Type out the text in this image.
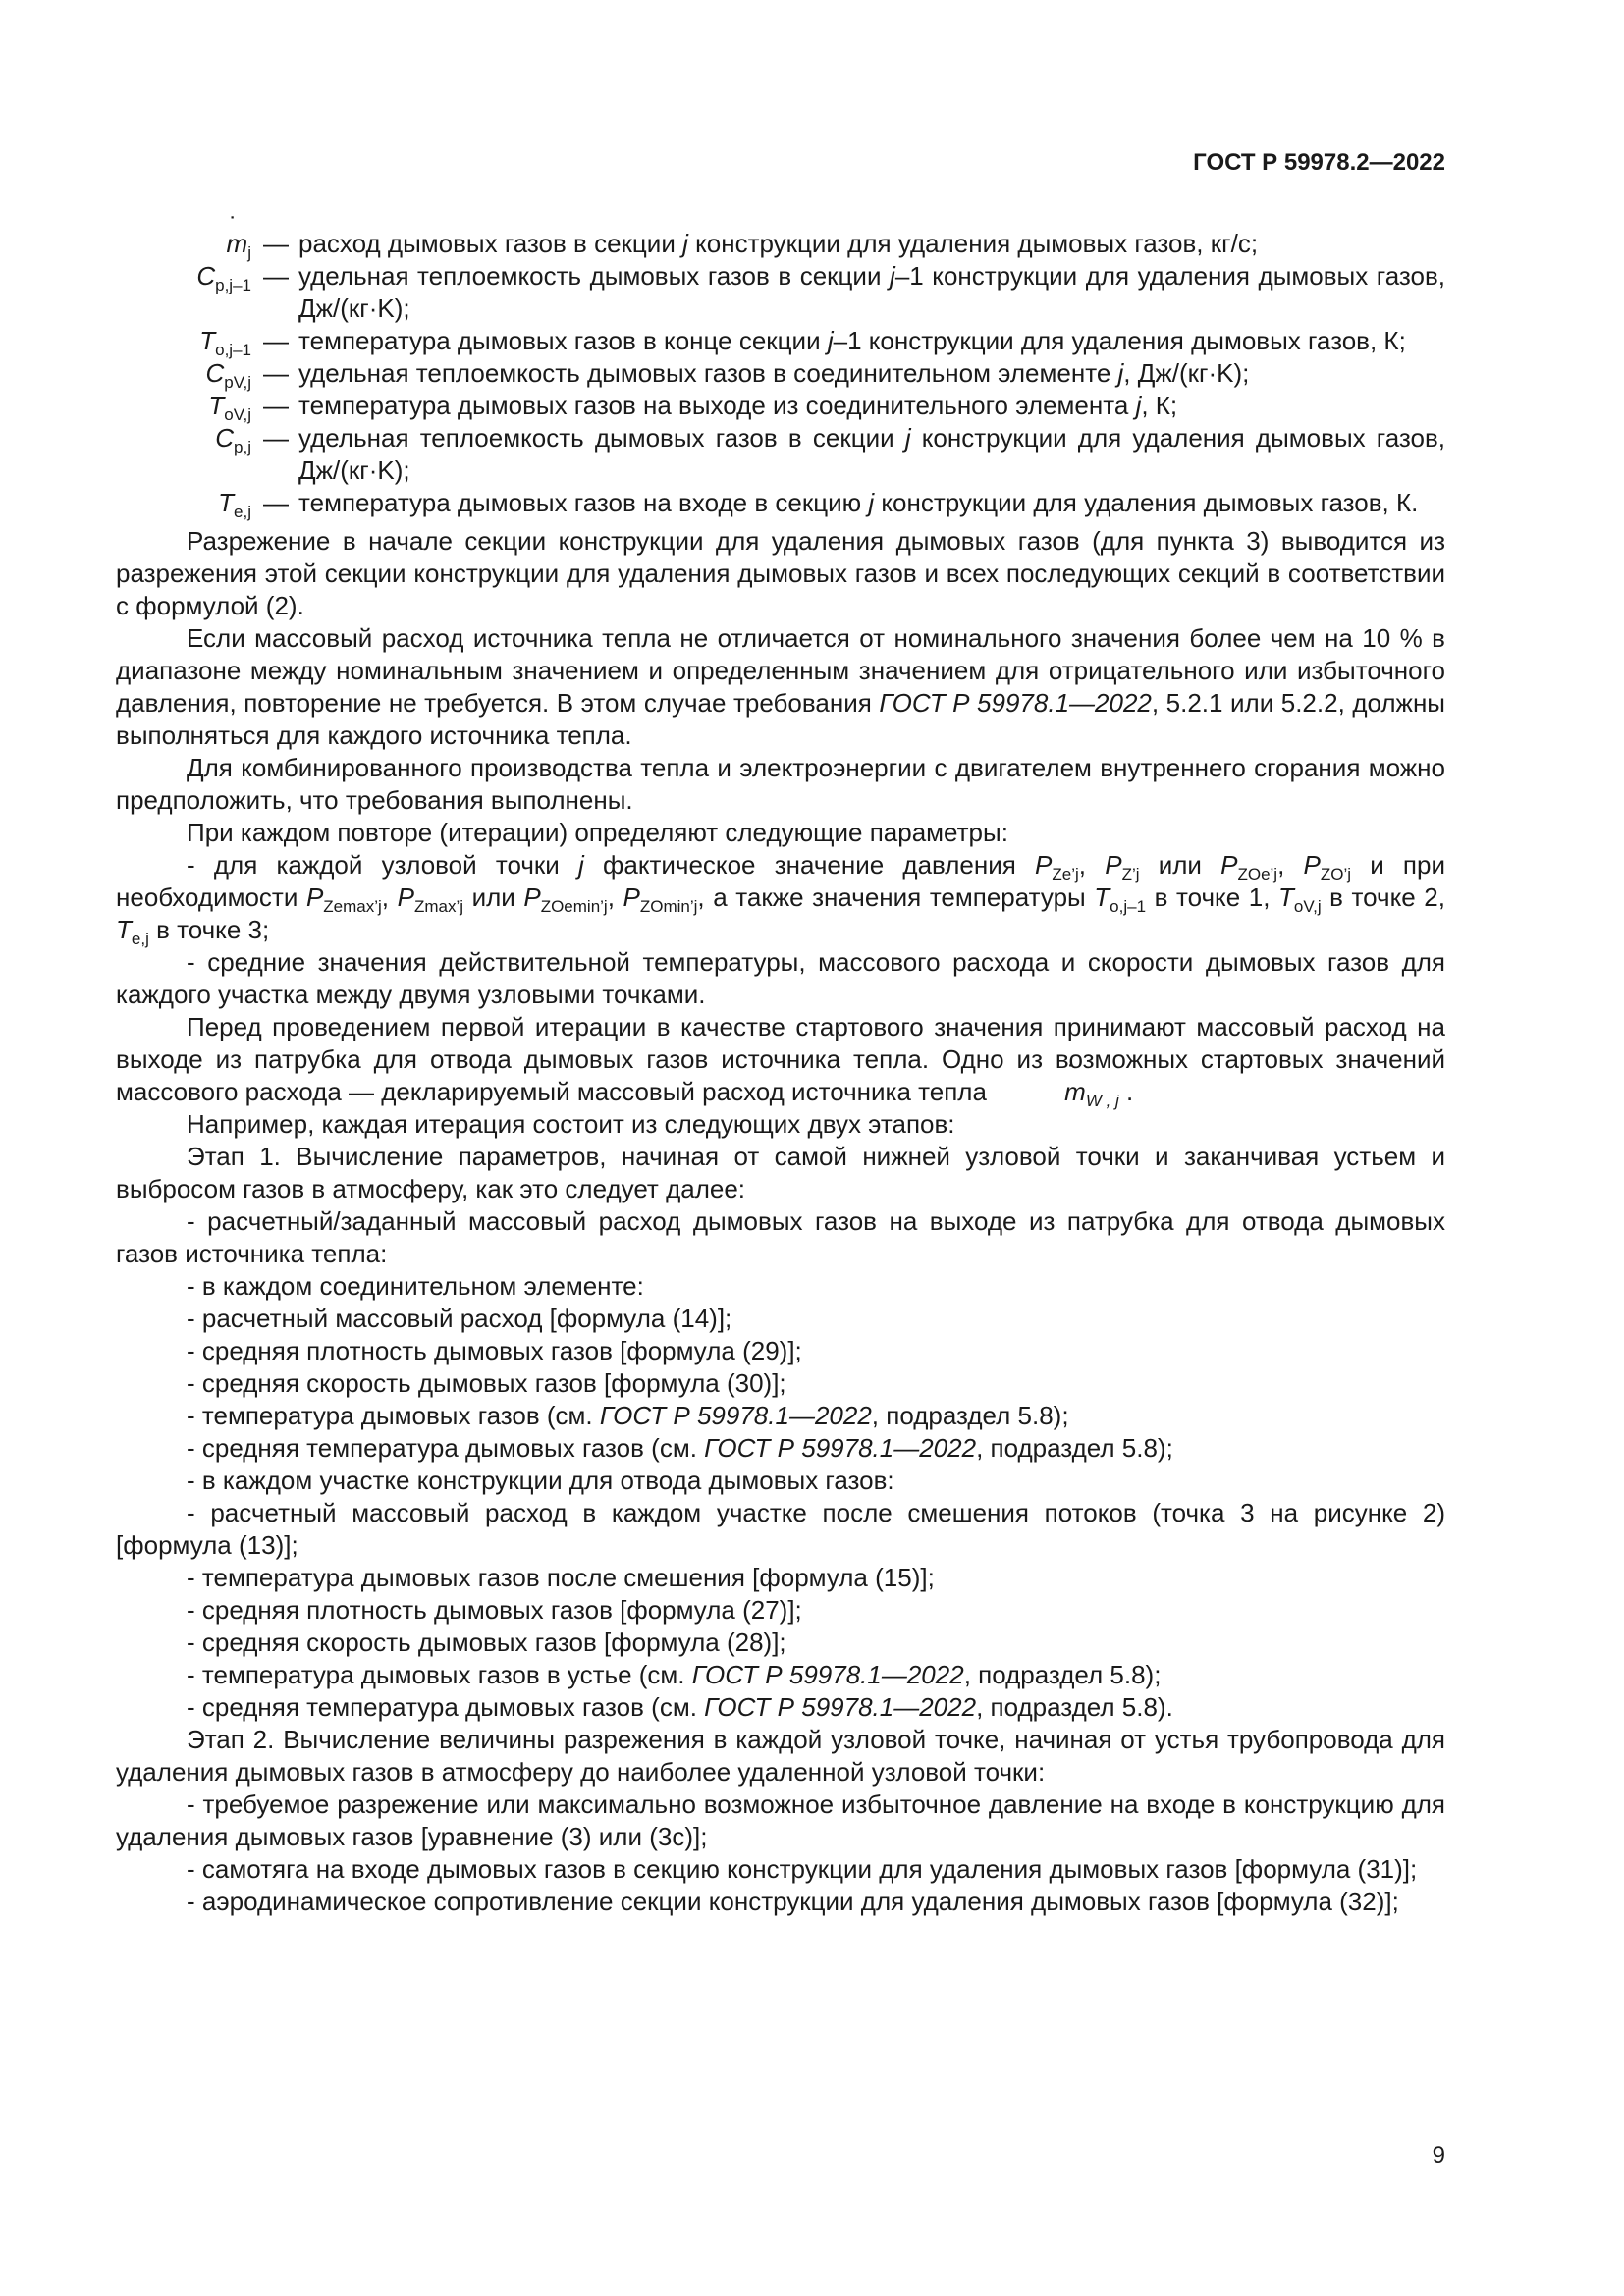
ГОСТ Р 59978.2—2022
˙ $m_j$ — расход дымовых газов в секции j конструкции для удаления дымовых газов, кг/с;
$C_{p,j-1}$ — удельная теплоемкость дымовых газов в секции j–1 конструкции для удаления дымовых газов, Дж/(кг·K);
$T_{o,j-1}$ — температура дымовых газов в конце секции j–1 конструкции для удаления дымовых газов, К;
$C_{pV,j}$ — удельная теплоемкость дымовых газов в соединительном элементе j, Дж/(кг·K);
$T_{oV,j}$ — температура дымовых газов на выходе из соединительного элемента j, К;
$C_{p,j}$ — удельная теплоемкость дымовых газов в секции j конструкции для удаления дымовых газов, Дж/(кг·K);
$T_{e,j}$ — температура дымовых газов на входе в секцию j конструкции для удаления дымовых газов, К.

Разрежение в начале секции конструкции для удаления дымовых газов (для пункта 3) выводится из разрежения этой секции конструкции для удаления дымовых газов и всех последующих секций в соответствии с формулой (2).

Если массовый расход источника тепла не отличается от номинального значения более чем на 10 % в диапазоне между номинальным значением и определенным значением для отрицательного или избыточного давления, повторение не требуется. В этом случае требования ГОСТ Р 59978.1—2022, 5.2.1 или 5.2.2, должны выполняться для каждого источника тепла.

Для комбинированного производства тепла и электроэнергии с двигателем внутреннего сгорания можно предположить, что требования выполнены.

При каждом повторе (итерации) определяют следующие параметры:

- для каждой узловой точки j фактическое значение давления $P_{Ze’j}$, $P_{Z’j}$ или $P_{ZOe’j}$, $P_{ZO’j}$ и при необходимости $P_{Zemax’j}$, $P_{Zmax’j}$ или $P_{ZOemin’j}$, $P_{ZOmin’j}$, а также значения температуры $T_{o,j-1}$ в точке 1, $T_{oV,j}$ в точке 2, $T_{e,j}$ в точке 3;

- средние значения действительной температуры, массового расхода и скорости дымовых газов для каждого участка между двумя узловыми точками.

Перед проведением первой итерации в качестве стартового значения принимают массовый расход на выходе из патрубка для отвода дымовых газов источника тепла. Одно из возможных стартовых значений массового расхода — декларируемый массовый расход источника тепла ˙	$m_{W , j}$ .

Например, каждая итерация состоит из следующих двух этапов:

Этап 1. Вычисление параметров, начиная от самой нижней узловой точки и заканчивая устьем и выбросом газов в атмосферу, как это следует далее:

- расчетный/заданный массовый расход дымовых газов на выходе из патрубка для отвода дымовых газов источника тепла:

- в каждом соединительном элементе:

- расчетный массовый расход [формула (14)];

- средняя плотность дымовых газов [формула (29)];

- средняя скорость дымовых газов [формула (30)];

- температура дымовых газов (см. ГОСТ Р 59978.1—2022, подраздел 5.8);

- средняя температура дымовых газов (см. ГОСТ Р 59978.1—2022, подраздел 5.8);

- в каждом участке конструкции для отвода дымовых газов:

- расчетный массовый расход в каждом участке после смешения потоков (точка 3 на рисунке 2) [формула (13)];

- температура дымовых газов после смешения [формула (15)];

- средняя плотность дымовых газов [формула (27)];

- средняя скорость дымовых газов [формула (28)];

- температура дымовых газов в устье (см. ГОСТ Р 59978.1—2022, подраздел 5.8);

- средняя температура дымовых газов (см. ГОСТ Р 59978.1—2022, подраздел 5.8).

Этап 2. Вычисление величины разрежения в каждой узловой точке, начиная от устья трубопровода для удаления дымовых газов в атмосферу до наиболее удаленной узловой точки:

- требуемое разрежение или максимально возможное избыточное давление на входе в конструкцию для удаления дымовых газов [уравнение (3) или (3с)];

- самотяга на входе дымовых газов в секцию конструкции для удаления дымовых газов [формула (31)];

- аэродинамическое сопротивление секции конструкции для удаления дымовых газов [формула (32)];

9
